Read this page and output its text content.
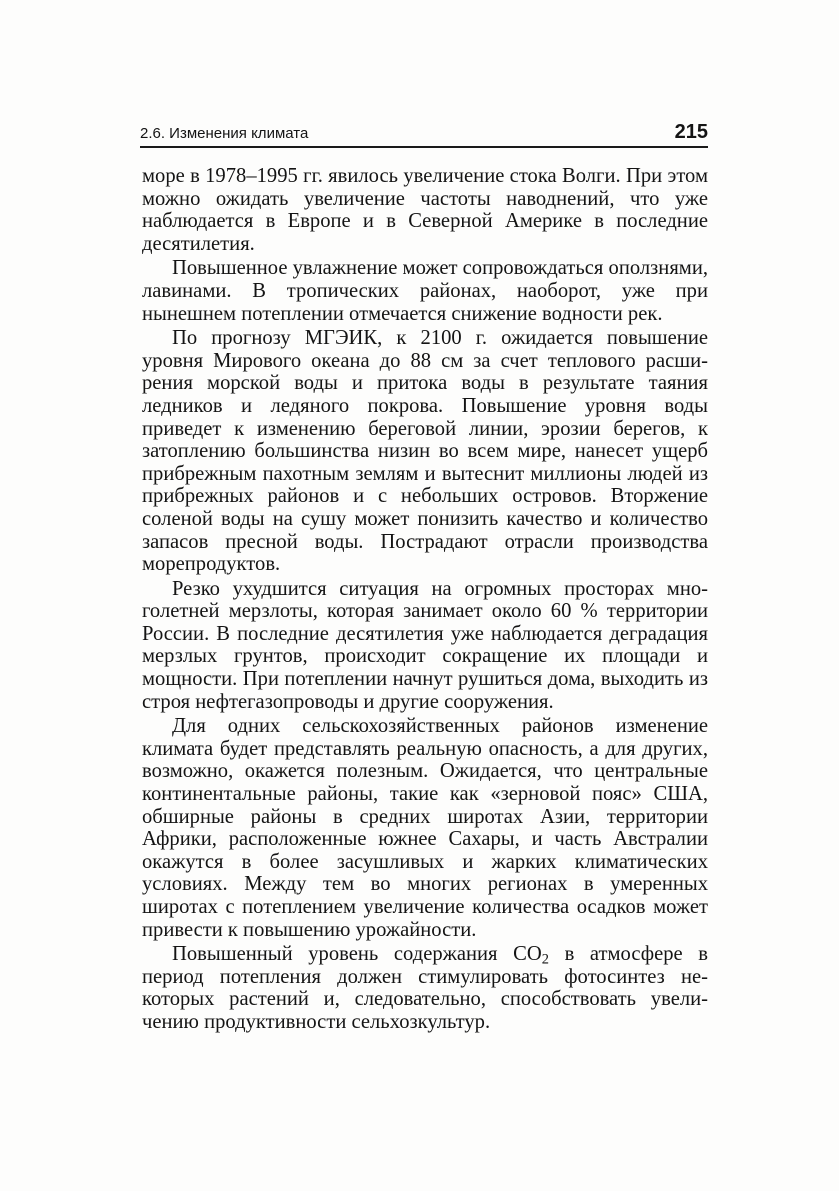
2.6. Изменения климата	215

море в 1978–1995 гг. явилось увеличение стока Волги. При этом можно ожидать увеличение частоты наводнений, что уже наблюдается в Европе и в Северной Америке в последние десятилетия.

Повышенное увлажнение может сопровождаться оползнями, лавинами. В тропических районах, наоборот, уже при нынешнем потеплении отмечается снижение водности рек.

По прогнозу МГЭИК, к 2100 г. ожидается повышение уровня Мирового океана до 88 см за счет теплового расширения морской воды и притока воды в результате таяния ледников и ледяного покрова. Повышение уровня воды приведет к изменению береговой линии, эрозии берегов, к затоплению большинства низин во всем мире, нанесет ущерб прибрежным пахотным землям и вытеснит миллионы людей из прибрежных районов и с небольших островов. Вторжение соленой воды на сушу может понизить качество и количество запасов пресной воды. Пострадают отрасли производства морепродуктов.

Резко ухудшится ситуация на огромных просторах многолетней мерзлоты, которая занимает около 60 % территории России. В последние десятилетия уже наблюдается деградация мерзлых грунтов, происходит сокращение их площади и мощности. При потеплении начнут рушиться дома, выходить из строя нефтегазопроводы и другие сооружения.

Для одних сельскохозяйственных районов изменение климата будет представлять реальную опасность, а для других, возможно, окажется полезным. Ожидается, что центральные континентальные районы, такие как «зерновой пояс» США, обширные районы в средних широтах Азии, территории Африки, расположенные южнее Сахары, и часть Австралии окажутся в более засушливых и жарких климатических условиях. Между тем во многих регионах в умеренных широтах с потеплением увеличение количества осадков может привести к повышению урожайности.

Повышенный уровень содержания $CO_2$ в атмосфере в период потепления должен стимулировать фотосинтез некоторых растений и, следовательно, способствовать увеличению продуктивности сельхозкультур.
